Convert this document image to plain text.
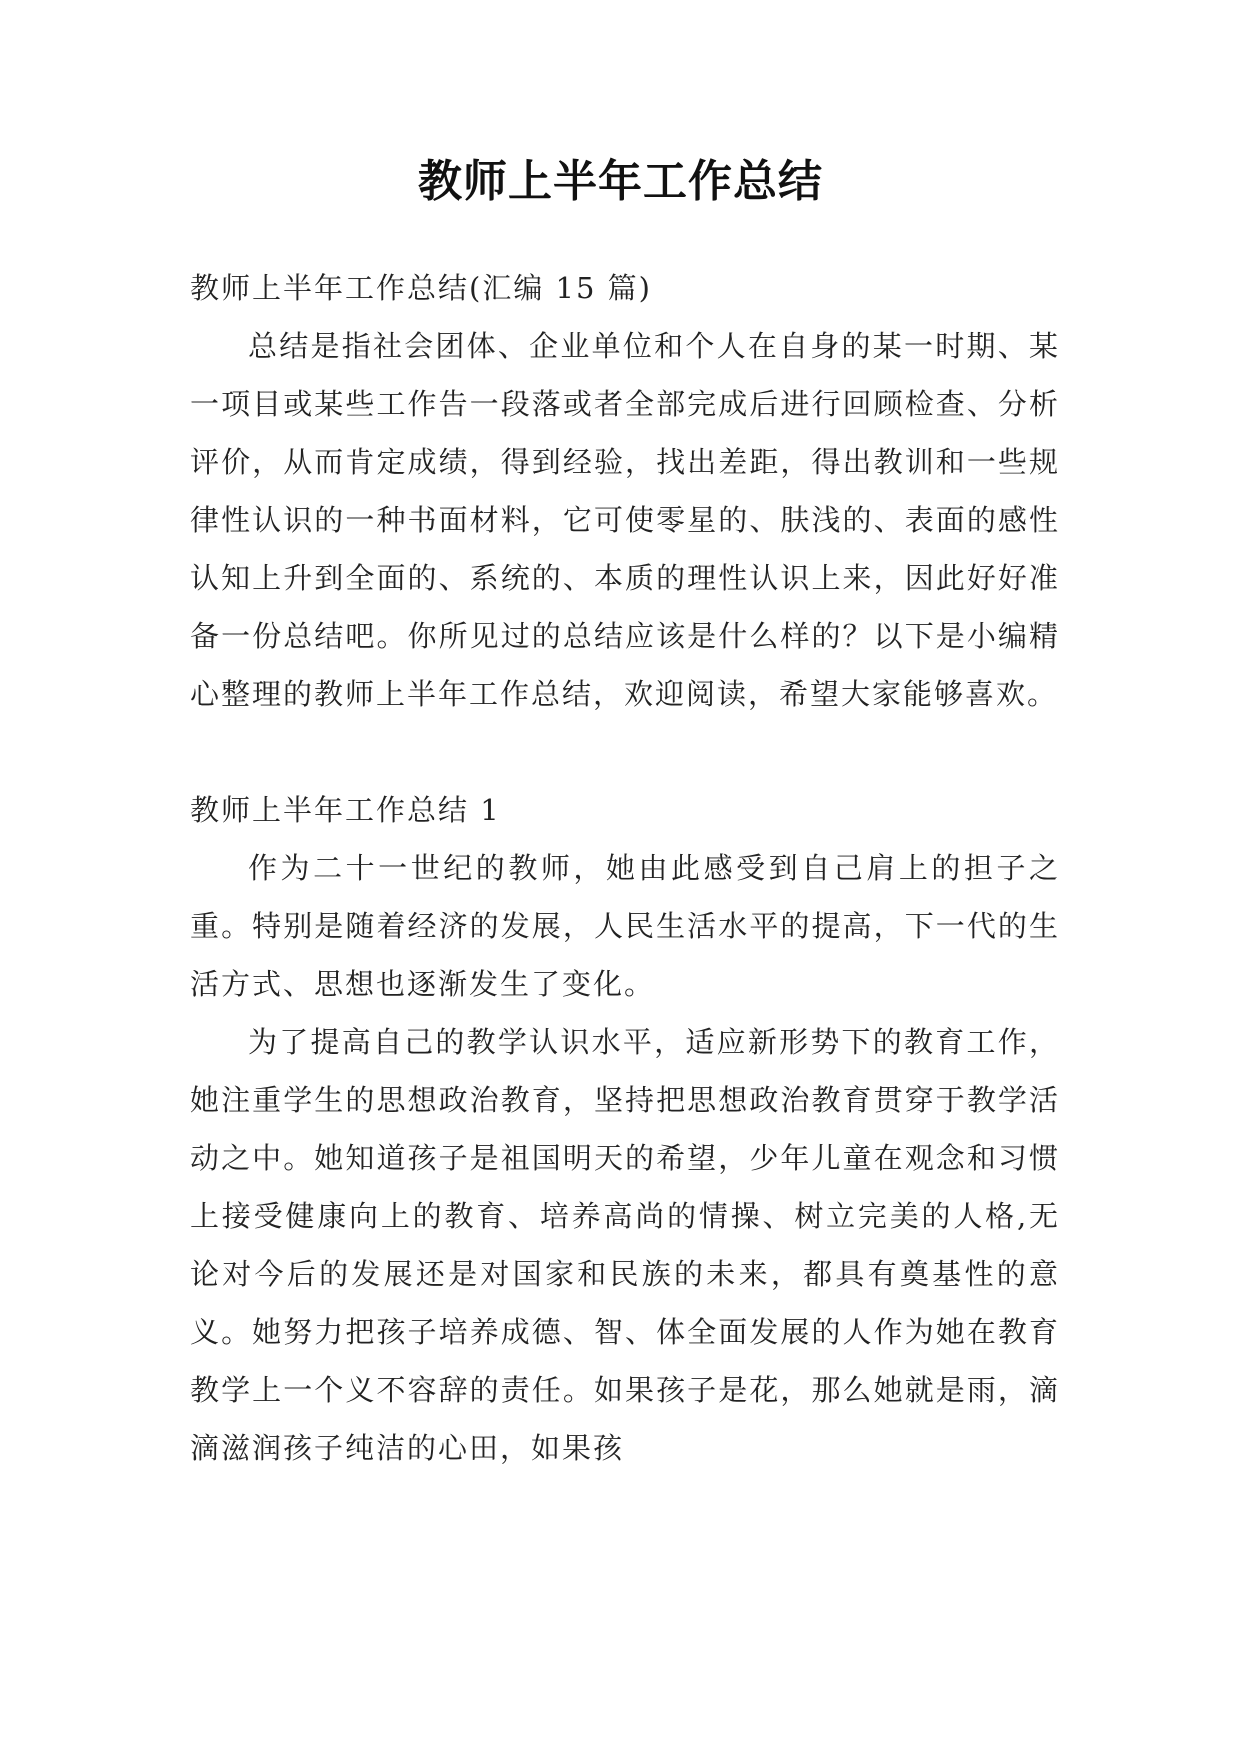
教师上半年工作总结

教师上半年工作总结(汇编 15 篇)

总结是指社会团体、企业单位和个人在自身的某一时期、某一项目或某些工作告一段落或者全部完成后进行回顾检查、分析评价，从而肯定成绩，得到经验，找出差距，得出教训和一些规律性认识的一种书面材料，它可使零星的、肤浅的、表面的感性认知上升到全面的、系统的、本质的理性认识上来，因此好好准备一份总结吧。你所见过的总结应该是什么样的？以下是小编精心整理的教师上半年工作总结，欢迎阅读，希望大家能够喜欢。

教师上半年工作总结 1

作为二十一世纪的教师，她由此感受到自己肩上的担子之重。特别是随着经济的发展，人民生活水平的提高，下一代的生活方式、思想也逐渐发生了变化。

为了提高自己的教学认识水平，适应新形势下的教育工作，她注重学生的思想政治教育，坚持把思想政治教育贯穿于教学活动之中。她知道孩子是祖国明天的希望，少年儿童在观念和习惯上接受健康向上的教育、培养高尚的情操、树立完美的人格,无论对今后的发展还是对国家和民族的未来，都具有奠基性的意义。她努力把孩子培养成德、智、体全面发展的人作为她在教育教学上一个义不容辞的责任。如果孩子是花，那么她就是雨，滴滴滋润孩子纯洁的心田，如果孩
